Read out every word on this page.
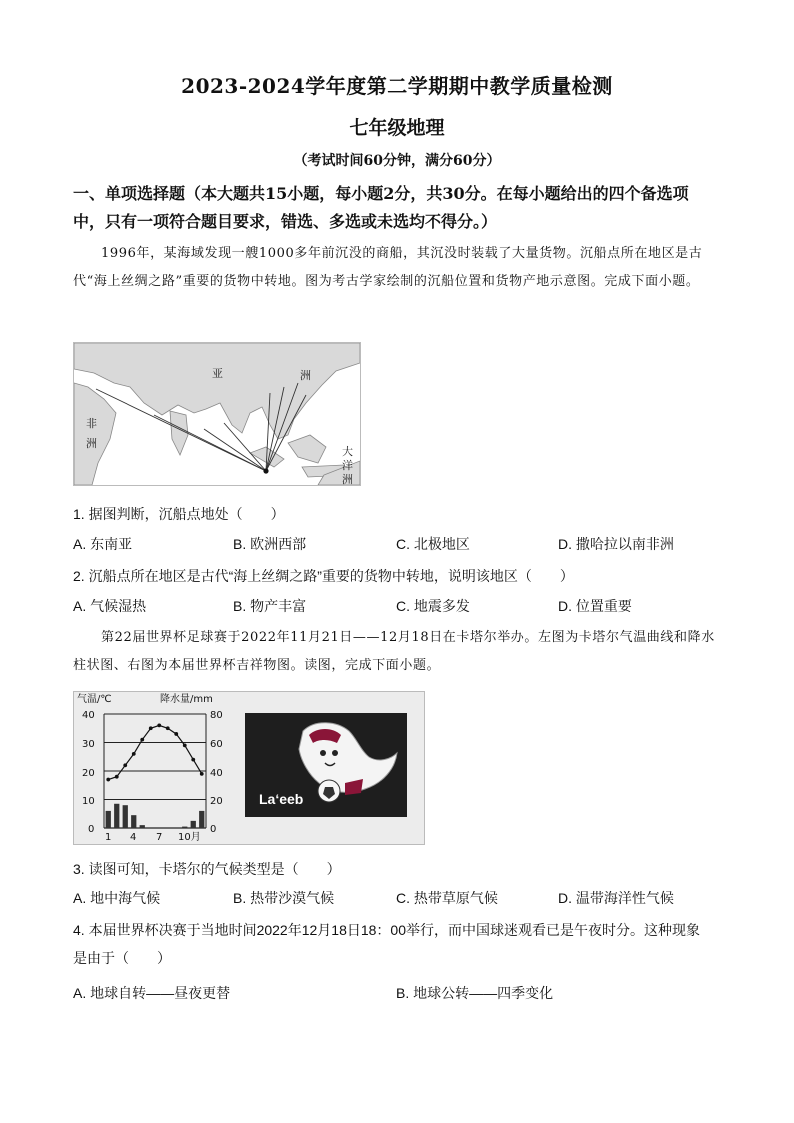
2023-2024学年度第二学期期中教学质量检测
七年级地理
（考试时间60分钟，满分60分）
一、单项选择题（本大题共15小题，每小题2分，共30分。在每小题给出的四个备选项
中，只有一项符合题目要求，错选、多选或未选均不得分。）
1996年，某海域发现一艘1000多年前沉没的商船，其沉没时装载了大量货物。沉船点所在地区是古代“海上丝绸之路”重要的货物中转地。图为考古学家绘制的沉船位置和货物产地示意图。完成下面小题。
亚	洲
非
洲
大
洋
洲
1. 据图判断，沉船点地处（　　）
A. 东南亚	B. 欧洲西部	C. 北极地区	D. 撒哈拉以南非洲
2. 沉船点所在地区是古代“海上丝绸之路”重要的货物中转地，说明该地区（　　）
A. 气候湿热	B. 物产丰富	C. 地震多发	D. 位置重要
第22届世界杯足球赛于2022年11月21日——12月18日在卡塔尔举办。左图为卡塔尔气温曲线和降水柱状图、右图为本届世界杯吉祥物图。读图，完成下面小题。
气温/℃	降水量/mm
40
30
20
10
0
80
60
40
20
0
1 4 7 10月
La‘eeb
3. 读图可知，卡塔尔的气候类型是（　　）
A. 地中海气候	B. 热带沙漠气候	C. 热带草原气候	D. 温带海洋性气候
4. 本届世界杯决赛于当地时间2022年12月18日18：00举行，而中国球迷观看已是午夜时分。这种现象
是由于（　　）
A. 地球自转——昼夜更替	B. 地球公转——四季变化
